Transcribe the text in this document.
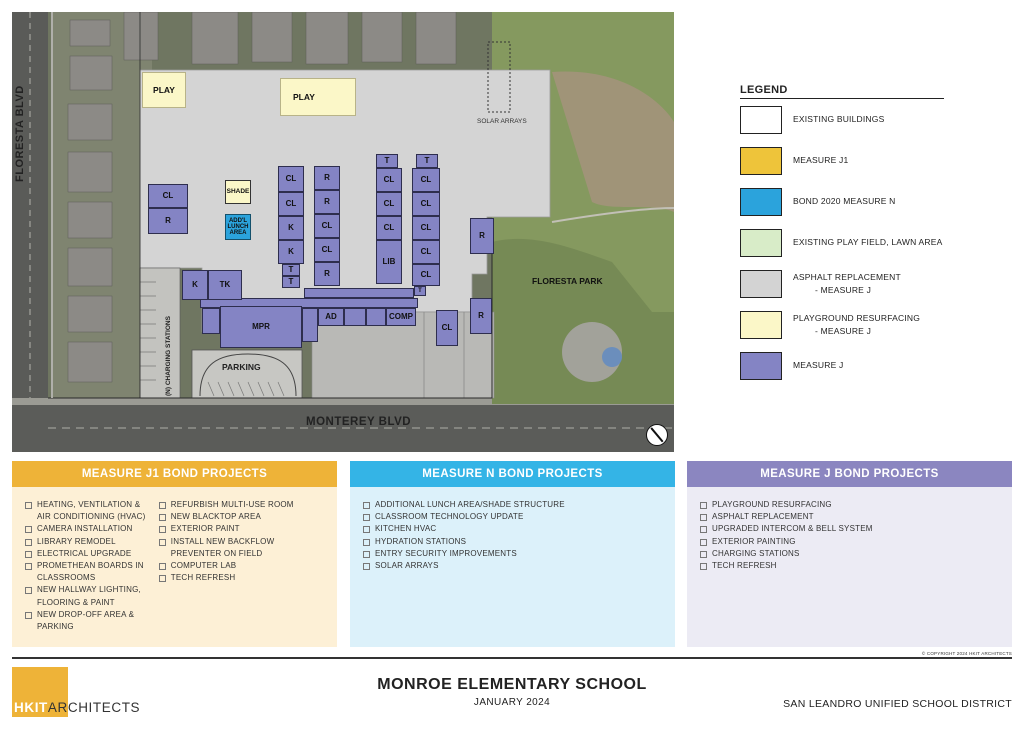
FLORESTA BLVD
MONTEREY BLVD
FLORESTA PARK
SOLAR ARRAYS
PARKING
(N) CHARGING STATIONS
PLAY
PLAY
SHADE
ADD'L LUNCH AREA
CL
R
CL
CL
K
K
T
T
R
R
CL
CL
R
T
CL
CL
CL
LIB
T
CL
CL
CL
CL
CL
T
R
R
CL
K	TK
MPR
AD	COMP
LEGEND
EXISTING BUILDINGS
MEASURE J1
BOND 2020 MEASURE N
EXISTING PLAY FIELD, LAWN AREA
ASPHALT REPLACEMENT
- MEASURE J
PLAYGROUND RESURFACING
- MEASURE J
MEASURE J
MEASURE J1 BOND PROJECTS
HEATING, VENTILATION & AIR CONDITIONING (HVAC)
CAMERA INSTALLATION
LIBRARY REMODEL
ELECTRICAL UPGRADE
PROMETHEAN BOARDS IN CLASSROOMS
NEW HALLWAY LIGHTING, FLOORING & PAINT
NEW DROP-OFF AREA & PARKING
REFURBISH MULTI-USE ROOM
NEW BLACKTOP AREA
EXTERIOR PAINT
INSTALL NEW BACKFLOW PREVENTER ON FIELD
COMPUTER LAB
TECH REFRESH
MEASURE N BOND PROJECTS
ADDITIONAL LUNCH AREA/SHADE STRUCTURE
CLASSROOM TECHNOLOGY UPDATE
KITCHEN HVAC
HYDRATION STATIONS
ENTRY SECURITY IMPROVEMENTS
SOLAR ARRAYS
MEASURE J BOND PROJECTS
PLAYGROUND RESURFACING
ASPHALT REPLACEMENT
UPGRADED INTERCOM & BELL SYSTEM
EXTERIOR PAINTING
CHARGING STATIONS
TECH REFRESH
© COPYRIGHT 2024 HKIT ARCHITECTS
HKITARCHITECTS
MONROE ELEMENTARY SCHOOL
JANUARY 2024	SAN LEANDRO UNIFIED SCHOOL DISTRICT
